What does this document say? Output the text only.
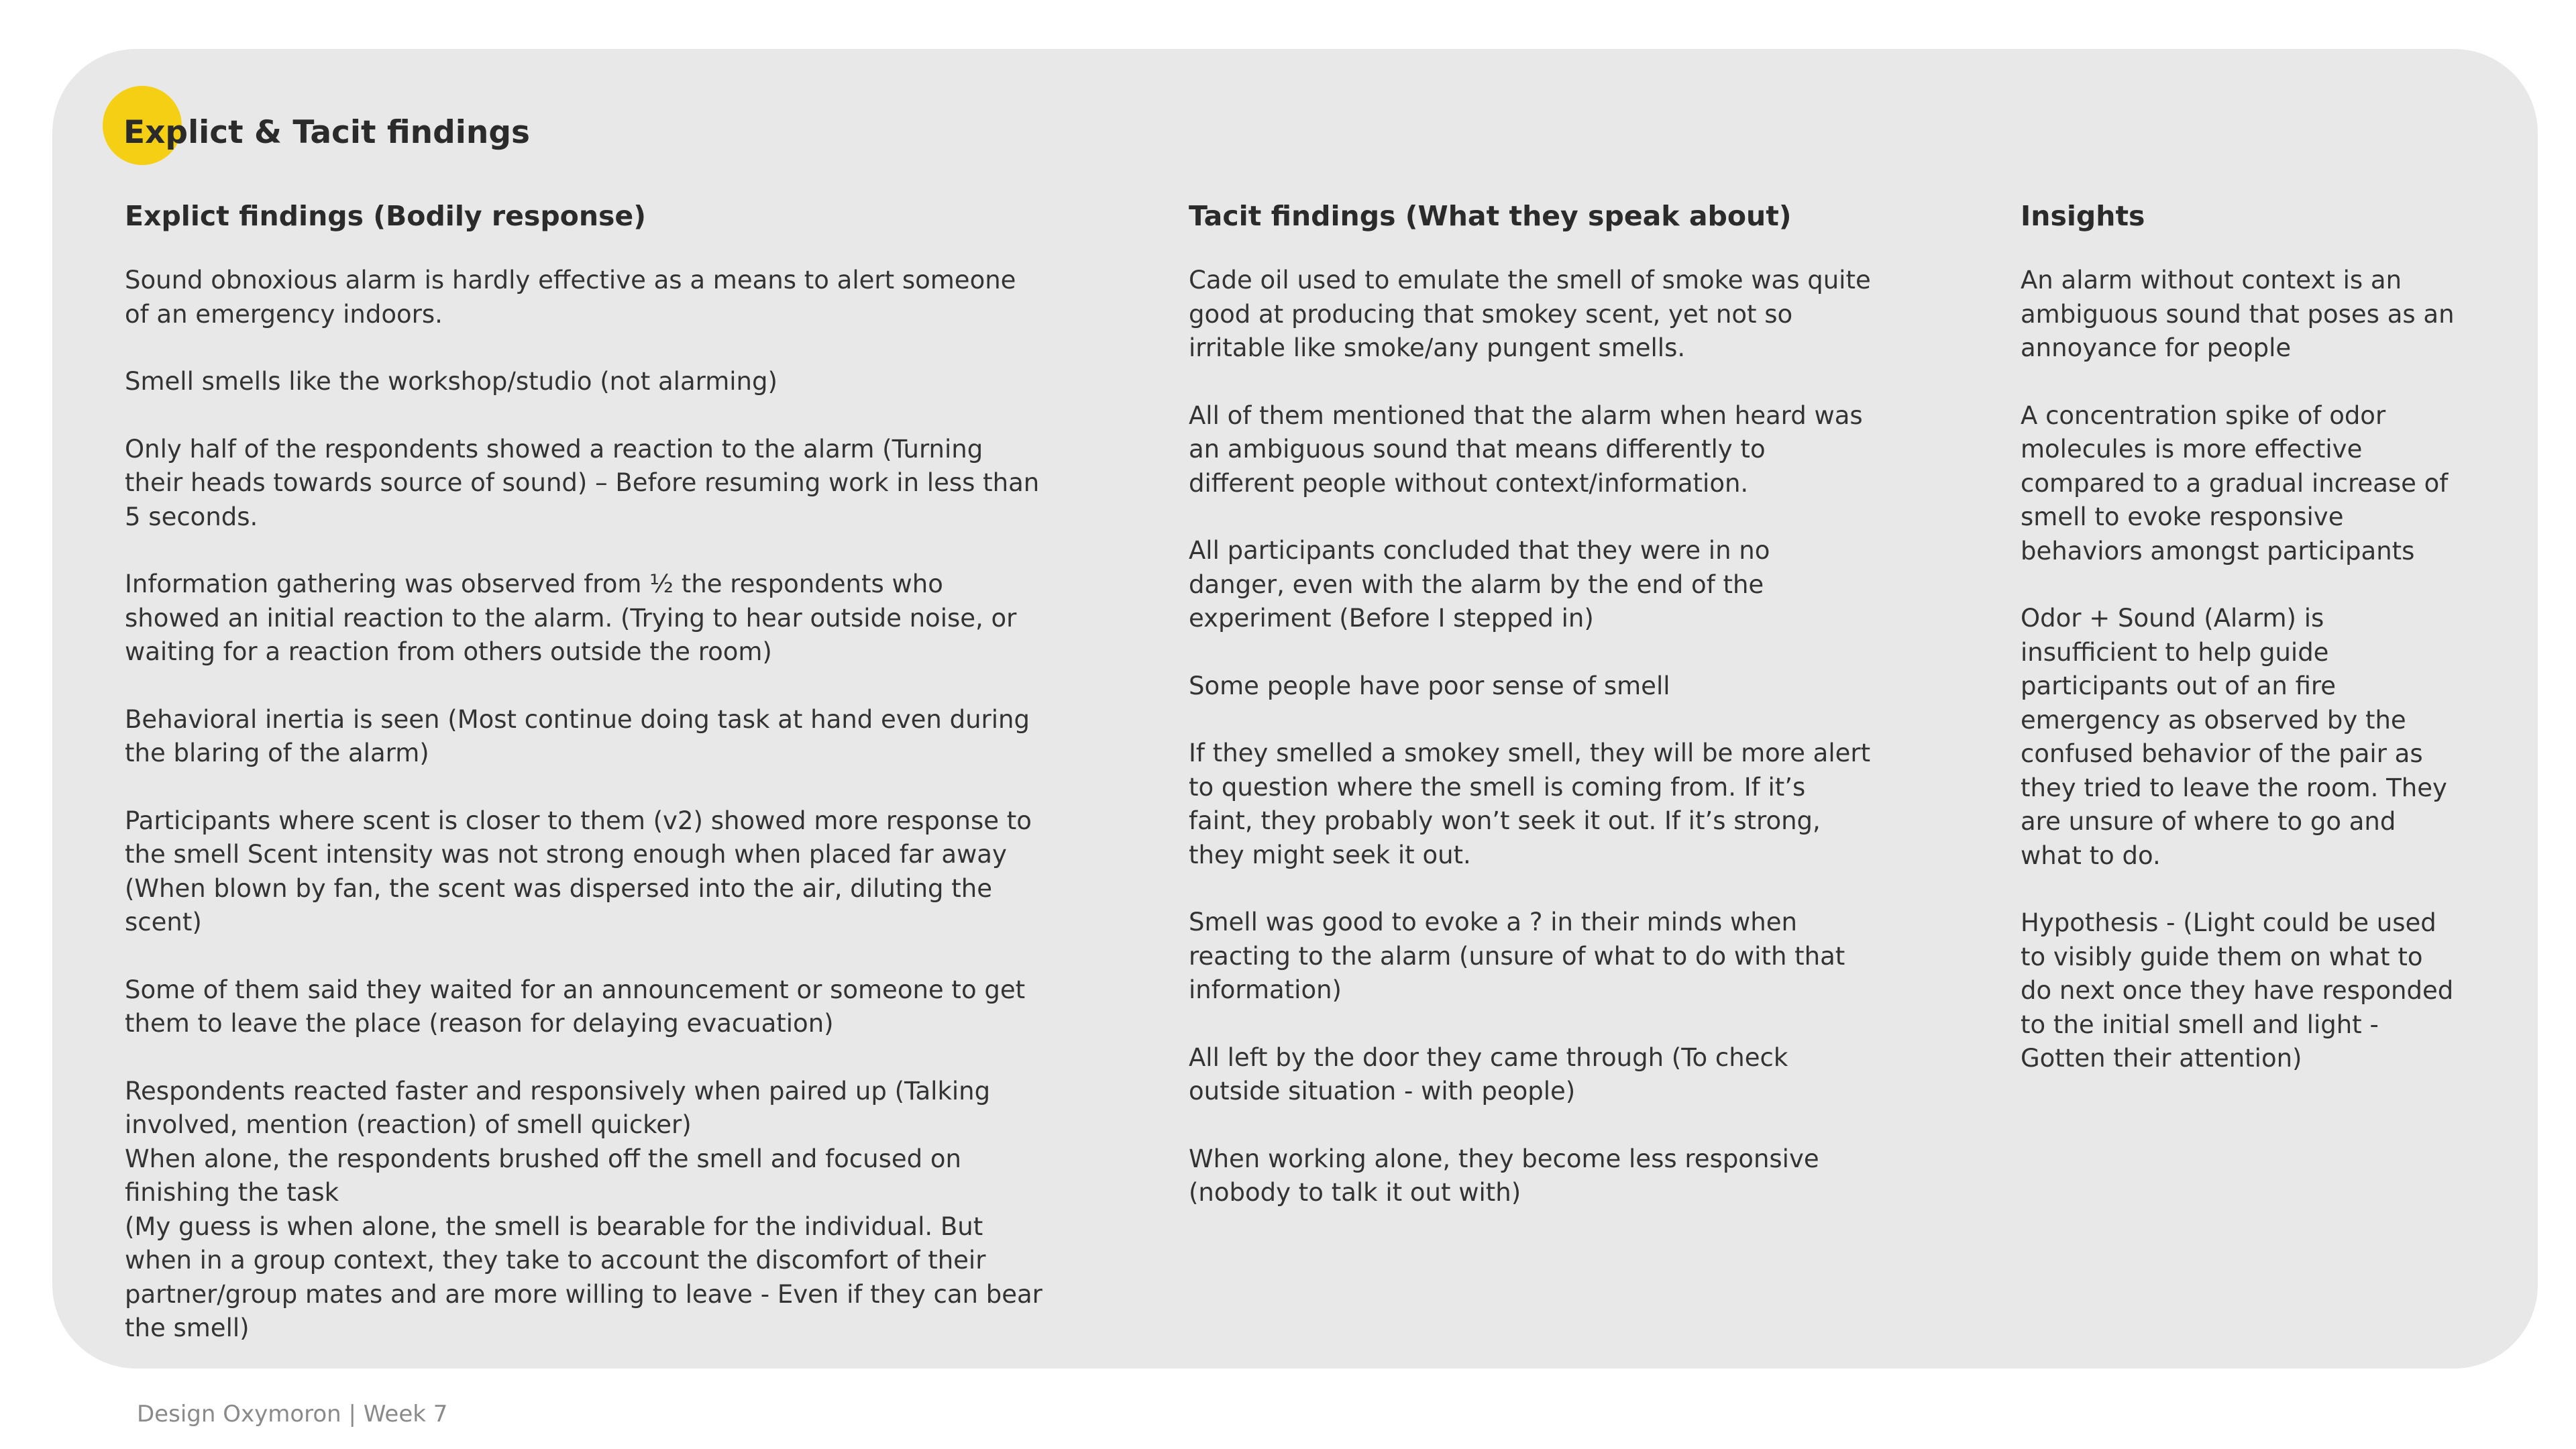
Explict & Tacit findings
Explict findings (Bodily response)

Sound obnoxious alarm is hardly effective as a means to alert someone of an emergency indoors.

Smell smells like the workshop/studio (not alarming)

Only half of the respondents showed a reaction to the alarm (Turning their heads towards source of sound) – Before resuming work in less than 5 seconds.

Information gathering was observed from ½ the respondents who showed an initial reaction to the alarm. (Trying to hear outside noise, or waiting for a reaction from others outside the room)

Behavioral inertia is seen (Most continue doing task at hand even during the blaring of the alarm)

Participants where scent is closer to them (v2) showed more response to the smell Scent intensity was not strong enough when placed far away (When blown by fan, the scent was dispersed into the air, diluting the scent)

Some of them said they waited for an announcement or someone to get them to leave the place (reason for delaying evacuation)

Respondents reacted faster and responsively when paired up (Talking involved, mention (reaction) of smell quicker)

When alone, the respondents brushed off the smell and focused on finishing the task

(My guess is when alone, the smell is bearable for the individual. But when in a group context, they take to account the discomfort of their partner/group mates and are more willing to leave - Even if they can bear the smell)

Tacit findings (What they speak about)

Cade oil used to emulate the smell of smoke was quite good at producing that smokey scent, yet not so irritable like smoke/any pungent smells.

All of them mentioned that the alarm when heard was an ambiguous sound that means differently to different people without context/information.

All participants concluded that they were in no danger, even with the alarm by the end of the experiment (Before I stepped in)

Some people have poor sense of smell

If they smelled a smokey smell, they will be more alert to question where the smell is coming from. If it’s faint, they probably won’t seek it out. If it’s strong, they might seek it out.

Smell was good to evoke a ? in their minds when reacting to the alarm (unsure of what to do with that information)

All left by the door they came through (To check outside situation - with people)

When working alone, they become less responsive (nobody to talk it out with)

Insights

An alarm without context is an ambiguous sound that poses as an annoyance for people

A concentration spike of odor molecules is more effective compared to a gradual increase of smell to evoke responsive behaviors amongst participants

Odor + Sound (Alarm) is insufficient to help guide participants out of an fire emergency as observed by the confused behavior of the pair as they tried to leave the room. They are unsure of where to go and what to do.

Hypothesis - (Light could be used to visibly guide them on what to do next once they have responded to the initial smell and light - Gotten their attention)

Design Oxymoron | Week 7
